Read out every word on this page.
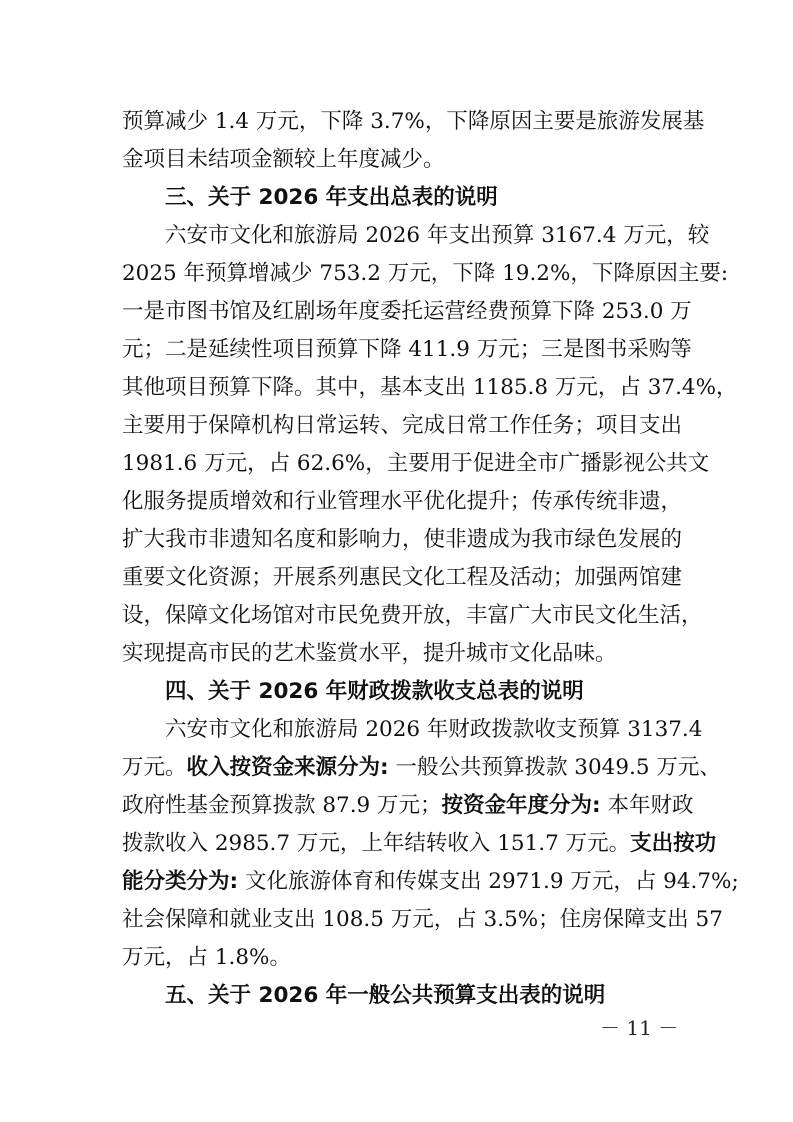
预算减少 1.4 万元，下降 3.7%，下降原因主要是旅游发展基
金项目未结项金额较上年度减少。
三、关于 2026 年支出总表的说明
六安市文化和旅游局 2026 年支出预算 3167.4 万元，较
2025 年预算增减少 753.2 万元，下降 19.2%，下降原因主要:
一是市图书馆及红剧场年度委托运营经费预算下降 253.0 万
元；二是延续性项目预算下降 411.9 万元；三是图书采购等
其他项目预算下降。其中，基本支出 1185.8 万元，占 37.4%，
主要用于保障机构日常运转、完成日常工作任务；项目支出
1981.6 万元，占 62.6%，主要用于促进全市广播影视公共文
化服务提质增效和行业管理水平优化提升；传承传统非遗，
扩大我市非遗知名度和影响力，使非遗成为我市绿色发展的
重要文化资源；开展系列惠民文化工程及活动；加强两馆建
设，保障文化场馆对市民免费开放，丰富广大市民文化生活，
实现提高市民的艺术鉴赏水平，提升城市文化品味。
四、关于 2026 年财政拨款收支总表的说明
六安市文化和旅游局 2026 年财政拨款收支预算 3137.4
万元。收入按资金来源分为: 一般公共预算拨款 3049.5 万元、
政府性基金预算拨款 87.9 万元；按资金年度分为: 本年财政
拨款收入 2985.7 万元，上年结转收入 151.7 万元。支出按功
能分类分为: 文化旅游体育和传媒支出 2971.9 万元，占 94.7%;
社会保障和就业支出 108.5 万元，占 3.5%；住房保障支出 57
万元，占 1.8%。
五、关于 2026 年一般公共预算支出表的说明
－ 11 －
